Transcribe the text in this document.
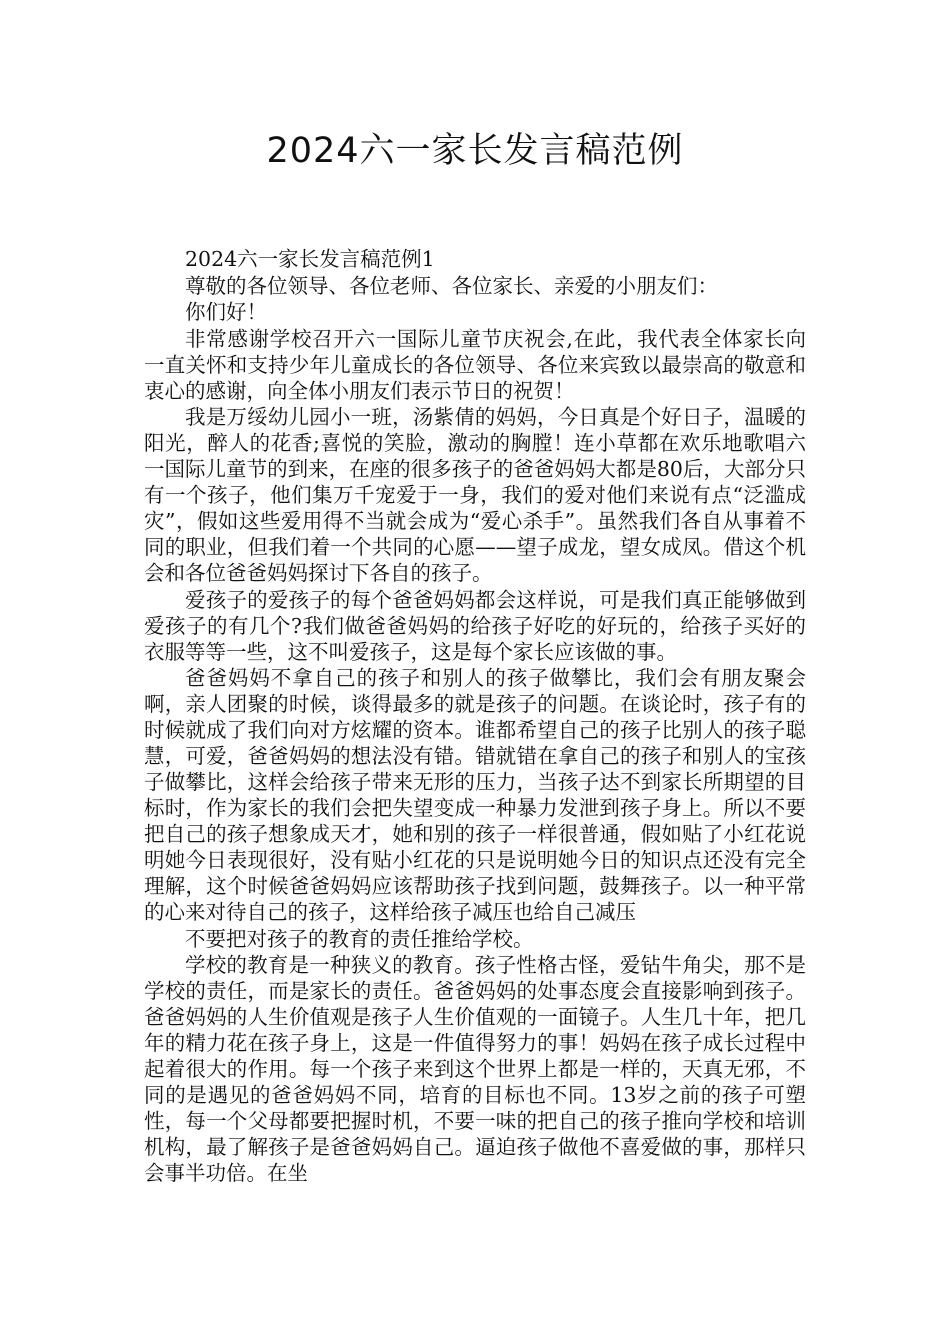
2024六一家长发言稿范例

2024六一家长发言稿范例1

尊敬的各位领导、各位老师、各位家长、亲爱的小朋友们：

你们好！

非常感谢学校召开六一国际儿童节庆祝会,在此，我代表全体家长向一直关怀和支持少年儿童成长的各位领导、各位来宾致以最崇高的敬意和衷心的感谢，向全体小朋友们表示节日的祝贺！

我是万绥幼儿园小一班，汤紫倩的妈妈，今日真是个好日子，温暖的阳光，醉人的花香;喜悦的笑脸，激动的胸膛！连小草都在欢乐地歌唱六一国际儿童节的到来，在座的很多孩子的爸爸妈妈大都是80后，大部分只有一个孩子，他们集万千宠爱于一身，我们的爱对他们来说有点“泛滥成灾”，假如这些爱用得不当就会成为“爱心杀手”。虽然我们各自从事着不同的职业，但我们着一个共同的心愿——望子成龙，望女成凤。借这个机会和各位爸爸妈妈探讨下各自的孩子。

爱孩子的爱孩子的每个爸爸妈妈都会这样说，可是我们真正能够做到爱孩子的有几个?我们做爸爸妈妈的给孩子好吃的好玩的，给孩子买好的衣服等等一些，这不叫爱孩子，这是每个家长应该做的事。

爸爸妈妈不拿自己的孩子和别人的孩子做攀比，我们会有朋友聚会啊，亲人团聚的时候，谈得最多的就是孩子的问题。在谈论时，孩子有的时候就成了我们向对方炫耀的资本。谁都希望自己的孩子比别人的孩子聪慧，可爱，爸爸妈妈的想法没有错。错就错在拿自己的孩子和别人的宝孩子做攀比，这样会给孩子带来无形的压力，当孩子达不到家长所期望的目标时，作为家长的我们会把失望变成一种暴力发泄到孩子身上。所以不要把自己的孩子想象成天才，她和别的孩子一样很普通，假如贴了小红花说明她今日表现很好，没有贴小红花的只是说明她今日的知识点还没有完全理解，这个时候爸爸妈妈应该帮助孩子找到问题，鼓舞孩子。以一种平常的心来对待自己的孩子，这样给孩子减压也给自己减压

不要把对孩子的教育的责任推给学校。

学校的教育是一种狭义的教育。孩子性格古怪，爱钻牛角尖，那不是学校的责任，而是家长的责任。爸爸妈妈的处事态度会直接影响到孩子。爸爸妈妈的人生价值观是孩子人生价值观的一面镜子。人生几十年，把几年的精力花在孩子身上，这是一件值得努力的事！妈妈在孩子成长过程中起着很大的作用。每一个孩子来到这个世界上都是一样的，天真无邪，不同的是遇见的爸爸妈妈不同，培育的目标也不同。13岁之前的孩子可塑性，每一个父母都要把握时机，不要一味的把自己的孩子推向学校和培训机构，最了解孩子是爸爸妈妈自己。逼迫孩子做他不喜爱做的事，那样只会事半功倍。在坐
